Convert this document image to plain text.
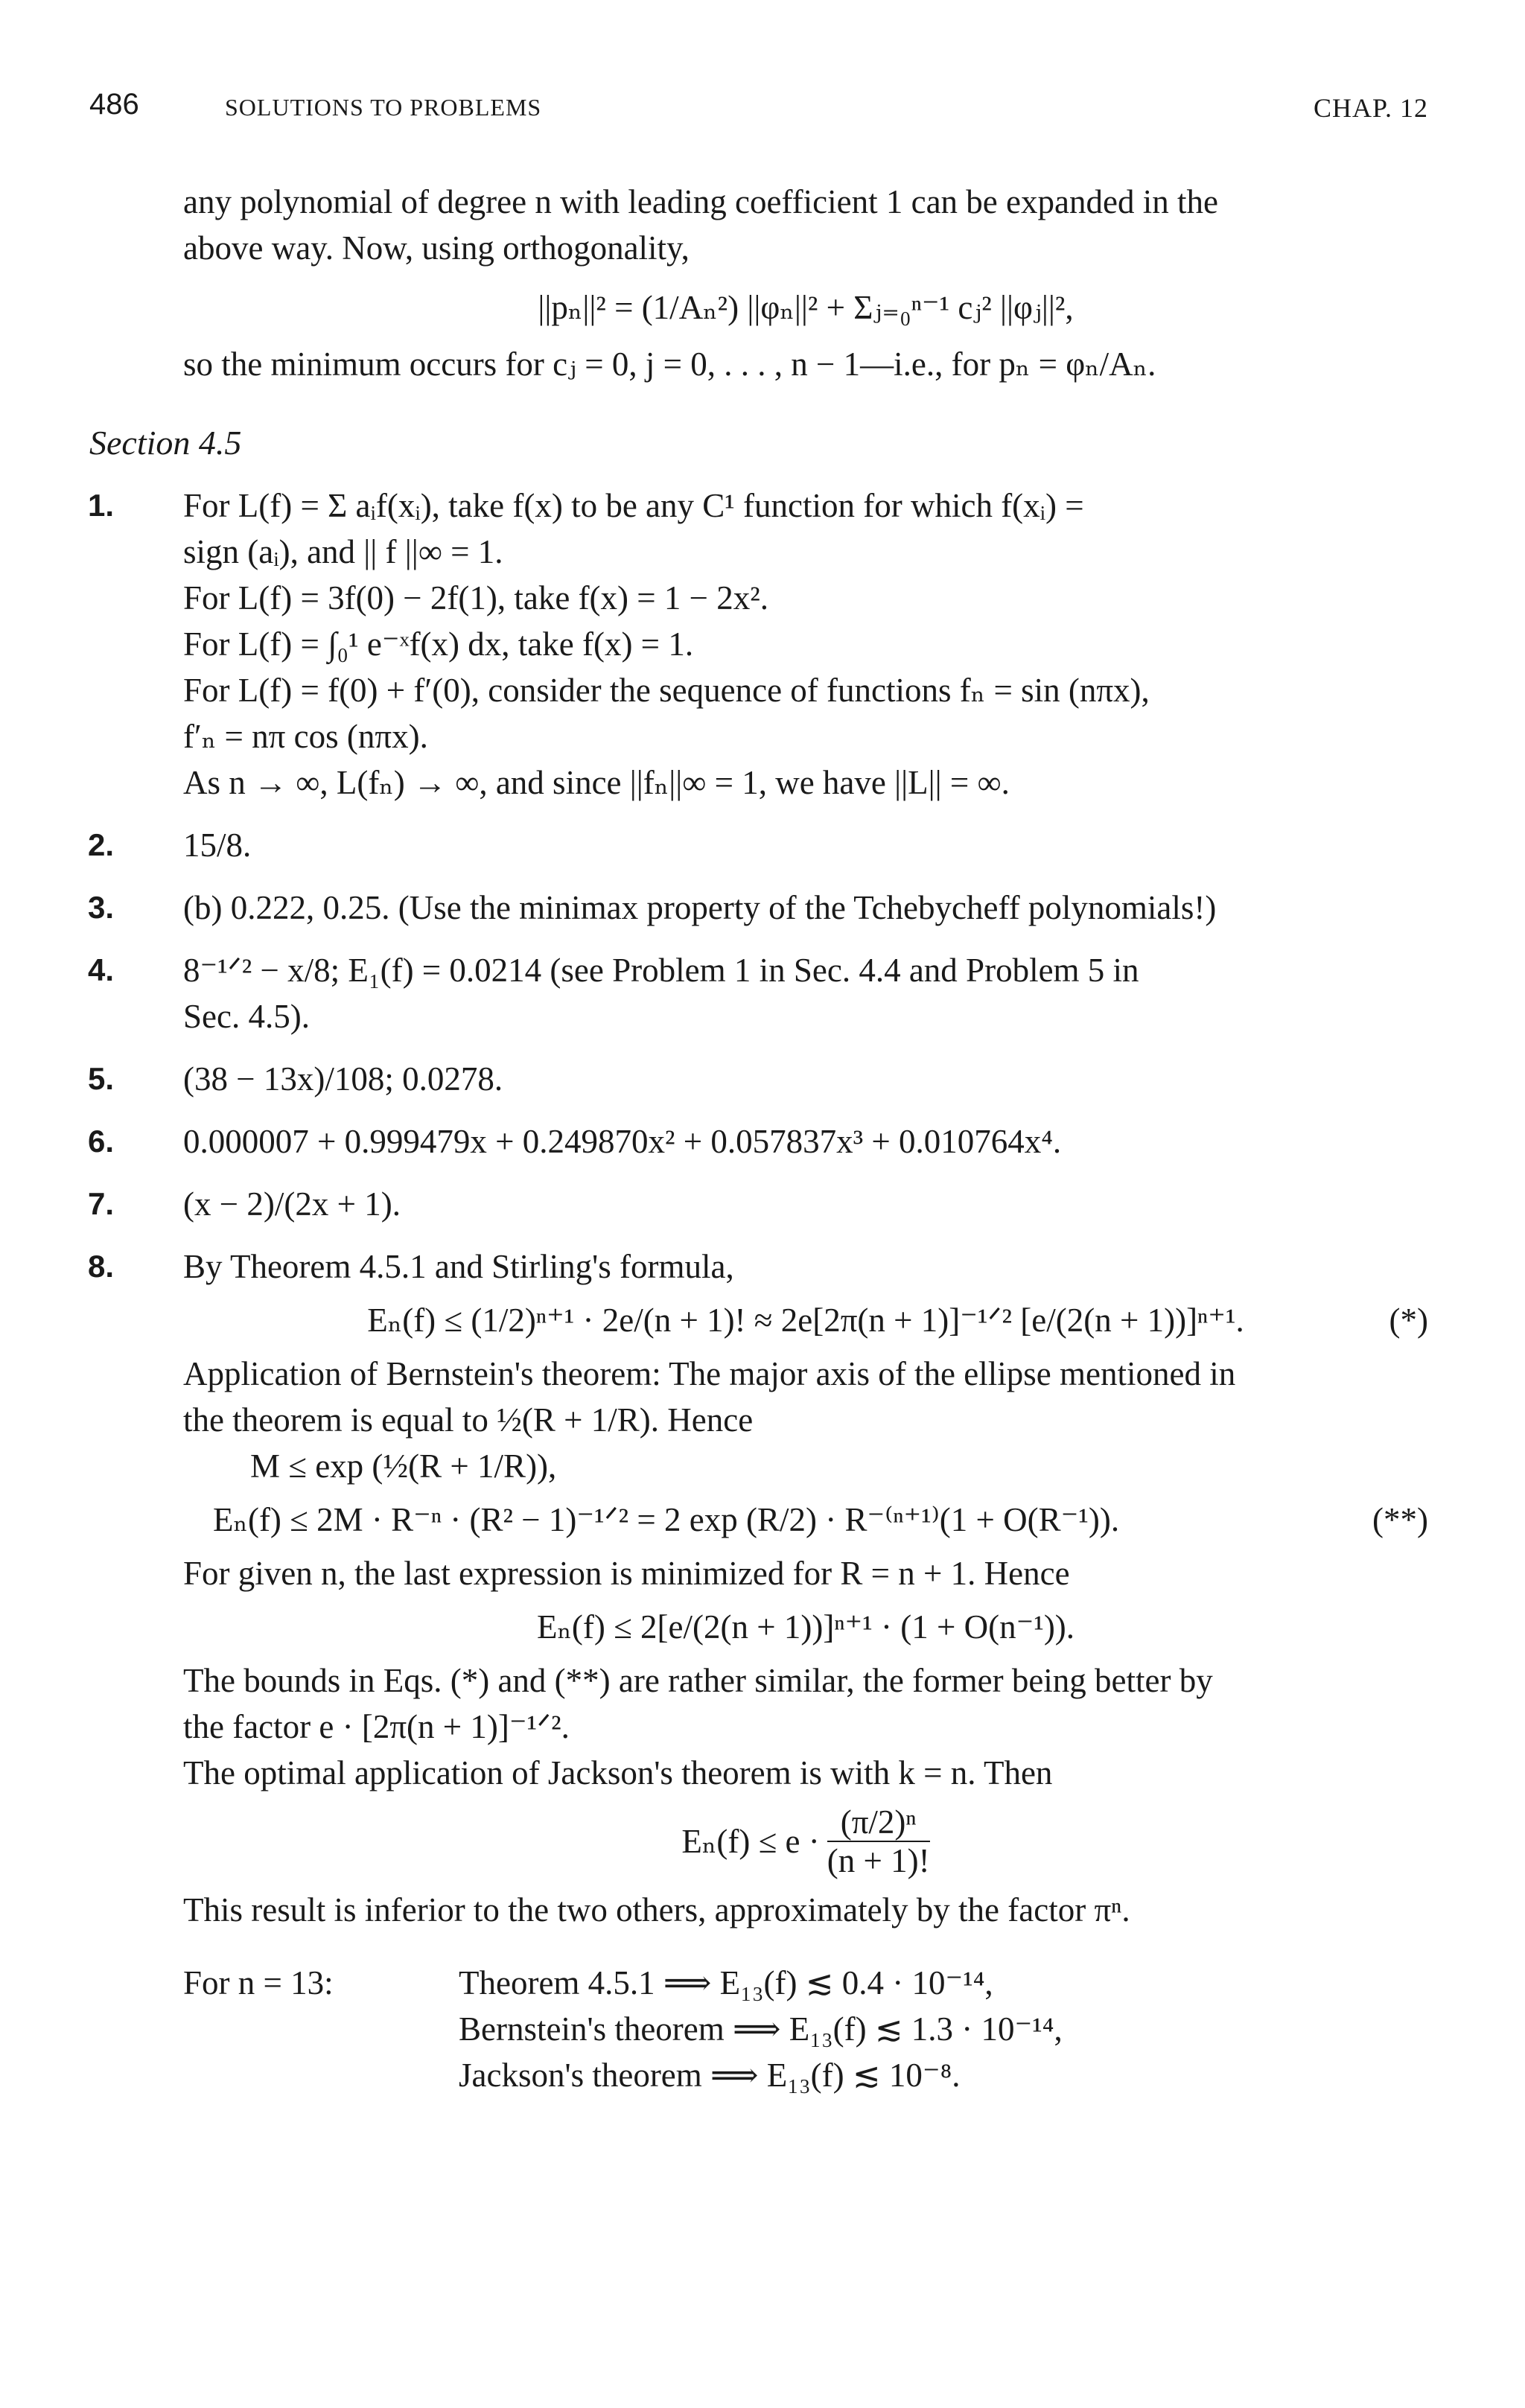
486	SOLUTIONS TO PROBLEMS	CHAP. 12

any polynomial of degree n with leading coefficient 1 can be expanded in the

above way. Now, using orthogonality,

||pₙ||² = (1/Aₙ²) ||φₙ||² + Σⱼ₌₀ⁿ⁻¹ cⱼ² ||φⱼ||²,

so the minimum occurs for cⱼ = 0, j = 0, . . . , n − 1—i.e., for pₙ = φₙ/Aₙ.

Section 4.5
1. For L(f) = Σ aᵢf(xᵢ), take f(x) to be any C¹ function for which f(xᵢ) =
sign (aᵢ), and || f ||∞ = 1.
For L(f) = 3f(0) − 2f(1), take f(x) = 1 − 2x².
For L(f) = ∫₀¹ e⁻ˣf(x) dx, take f(x) = 1.
For L(f) = f(0) + f′(0), consider the sequence of functions fₙ = sin (nπx),
f′ₙ = nπ cos (nπx).
As n → ∞, L(fₙ) → ∞, and since ||fₙ||∞ = 1, we have ||L|| = ∞.
2. 15/8.
3. (b) 0.222, 0.25. (Use the minimax property of the Tchebycheff polynomials!)
4. 8⁻¹ᐟ² − x/8; E₁(f) = 0.0214 (see Problem 1 in Sec. 4.4 and Problem 5 in
Sec. 4.5).
5. (38 − 13x)/108; 0.0278.
6. 0.000007 + 0.999479x + 0.249870x² + 0.057837x³ + 0.010764x⁴.
7. (x − 2)/(2x + 1).
8. By Theorem 4.5.1 and Stirling's formula,
Eₙ(f) ≤ (1/2)ⁿ⁺¹ · 2e/(n + 1)! ≈ 2e[2π(n + 1)]⁻¹ᐟ² [e/(2(n + 1))]ⁿ⁺¹.	(*)
Application of Bernstein's theorem: The major axis of the ellipse mentioned in
the theorem is equal to ½(R + 1/R). Hence
M ≤ exp (½(R + 1/R)),
Eₙ(f) ≤ 2M · R⁻ⁿ · (R² − 1)⁻¹ᐟ² = 2 exp (R/2) · R⁻⁽ⁿ⁺¹⁾(1 + O(R⁻¹)).	(**)
For given n, the last expression is minimized for R = n + 1. Hence
Eₙ(f) ≤ 2[e/(2(n + 1))]ⁿ⁺¹ · (1 + O(n⁻¹)).
The bounds in Eqs. (*) and (**) are rather similar, the former being better by
the factor e · [2π(n + 1)]⁻¹ᐟ².
The optimal application of Jackson's theorem is with k = n. Then
$E_n(f) \le e \cdot \frac{\text{(π/2)ⁿ}}{(n + 1)!}$
This result is inferior to the two others, approximately by the factor πⁿ.
For n = 13:	Theorem 4.5.1 ⟹ E₁₃(f) ≲ 0.4 · 10⁻¹⁴,
Bernstein's theorem ⟹ E₁₃(f) ≲ 1.3 · 10⁻¹⁴,
Jackson's theorem ⟹ E₁₃(f) ≲ 10⁻⁸.
